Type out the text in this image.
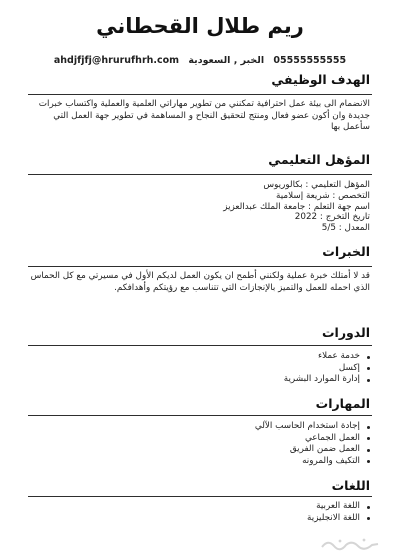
ريم طلال القحطاني
05555555555 الخبر , السعودية ahdjfjfj@hrurufhrh.com
الهدف الوظيفي
الانضمام الى بيئة عمل احترافية تمكنني من تطوير مهاراتي العلمية والعملية واكتساب خبرات جديدة وان أكون عضو فعال ومنتج لتحقيق النجاح و المساهمة في تطوير جهة العمل التي سأعمل بها
المؤهل التعليمي
المؤهل التعليمي : بكالوريوس
التخصص : شريعة إسلامية
اسم جهة التعلم : جامعة الملك عبدالعزيز
تاريخ التخرج : 2022
المعدل : 5/5
الخبرات
قد لا أمتلك خبرة عملية ولكنني أطمح ان يكون العمل لديكم الأول في مسيرتي مع كل الحماس الذي احمله للعمل والتميز بالإنجازات التي تتناسب مع رؤيتكم وأهدافكم.
الدورات
خدمة عملاء
إكسل
إدارة الموارد البشرية
المهارات
إجادة استخدام الحاسب الآلي
العمل الجماعي
العمل ضمن الفريق
التكيف والمرونه
اللغات
اللغة العربية
اللغة الانجليزية
